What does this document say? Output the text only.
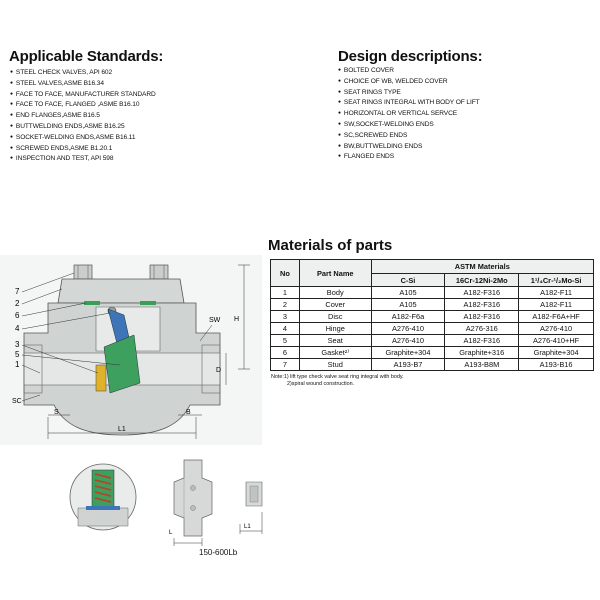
Applicable Standards:
● STEEL CHECK VALVES, API 602
● STEEL VALVES,ASME B16.34
● FACE TO FACE, MANUFACTURER STANDARD
● FACE TO FACE, FLANGED ,ASME B16.10
● END FLANGES,ASME B16.5
● BUTTWELDING ENDS,ASME B16.25
● SOCKET-WELDING ENDS,ASME B16.11
● SCREWED ENDS,ASME B1.20.1
● INSPECTION AND TEST, API 598
Design descriptions:
● BOLTED COVER
● CHOICE OF WB, WELDED COVER
● SEAT RINGS TYPE
● SEAT RINGS INTEGRAL WITH BODY OF LIFT
● HORIZONTAL OR VERTICAL SERVCE
● SW,SOCKET-WELDING ENDS
● SC,SCREWED ENDS
● BW,BUTTWELDING ENDS
● FLANGED ENDS
7
2
6
4
3
5
1
SW
SC
H
D
S	B
L1
Materials of parts
No	Part Name	ASTM Materials		
		C-Si	16Cr-12Ni-2Mo	1¹/₄Cr-¹/₂Mo-Si
1	Body	A105	A182-F316	A182-F11
2	Cover	A105	A182-F316	A182-F11
3	Disc	A182-F6a	A182-F316	A182-F6A+HF
4	Hinge	A276-410	A276-316	A276-410
5	Seat	A276-410	A182-F316	A276-410+HF
6	Gasket²⁾	Graphite+304	Graphite+316	Graphite+304
7	Stud	A193-B7	A193-B8M	A193-B16
Note:1) lift type check valve seat ring integral with body.
2)spiral wound construction.
L
L1
150-600Lb
